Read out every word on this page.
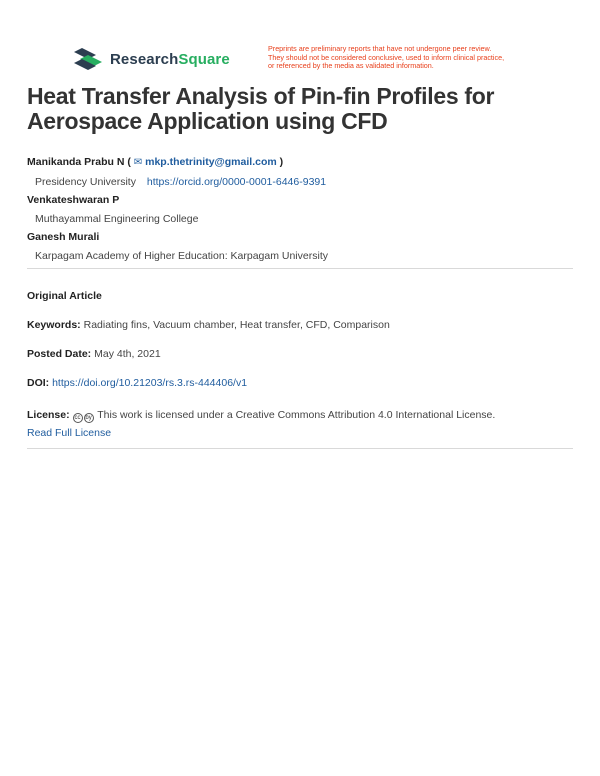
ResearchSquare
Preprints are preliminary reports that have not undergone peer review.
They should not be considered conclusive, used to inform clinical practice,
or referenced by the media as validated information.
Heat Transfer Analysis of Pin-fin Profiles for Aerospace Application using CFD
Manikanda Prabu N ( ✉ mkp.thetrinity@gmail.com )
Presidency University https://orcid.org/0000-0001-6446-9391
Venkateshwaran P
Muthayammal Engineering College
Ganesh Murali
Karpagam Academy of Higher Education: Karpagam University
Original Article
Keywords: Radiating fins, Vacuum chamber, Heat transfer, CFD, Comparison
Posted Date: May 4th, 2021
DOI: https://doi.org/10.21203/rs.3.rs-444406/v1
License: cc by This work is licensed under a Creative Commons Attribution 4.0 International License.
Read Full License
